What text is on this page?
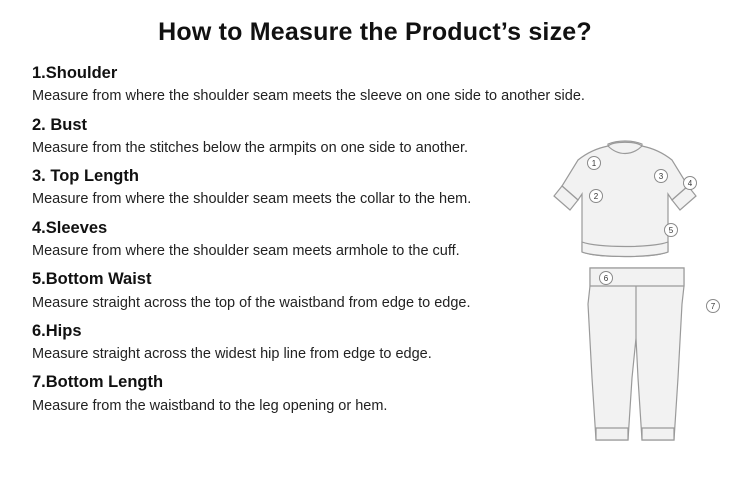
How to Measure the Product’s size?
1.Shoulder
Measure from where the shoulder seam meets the sleeve on one side to another side.
2. Bust
Measure from the stitches below the armpits on one side to another.
3. Top Length
Measure from where the shoulder seam meets the collar to the hem.
4.Sleeves
Measure from where the shoulder seam meets armhole to the cuff.
5.Bottom Waist
Measure straight across the top of the waistband from edge to edge.
6.Hips
Measure straight across the widest hip line from edge to edge.
7.Bottom Length
Measure from the waistband to the leg opening or hem.
1
2
3
4
5
6
7
